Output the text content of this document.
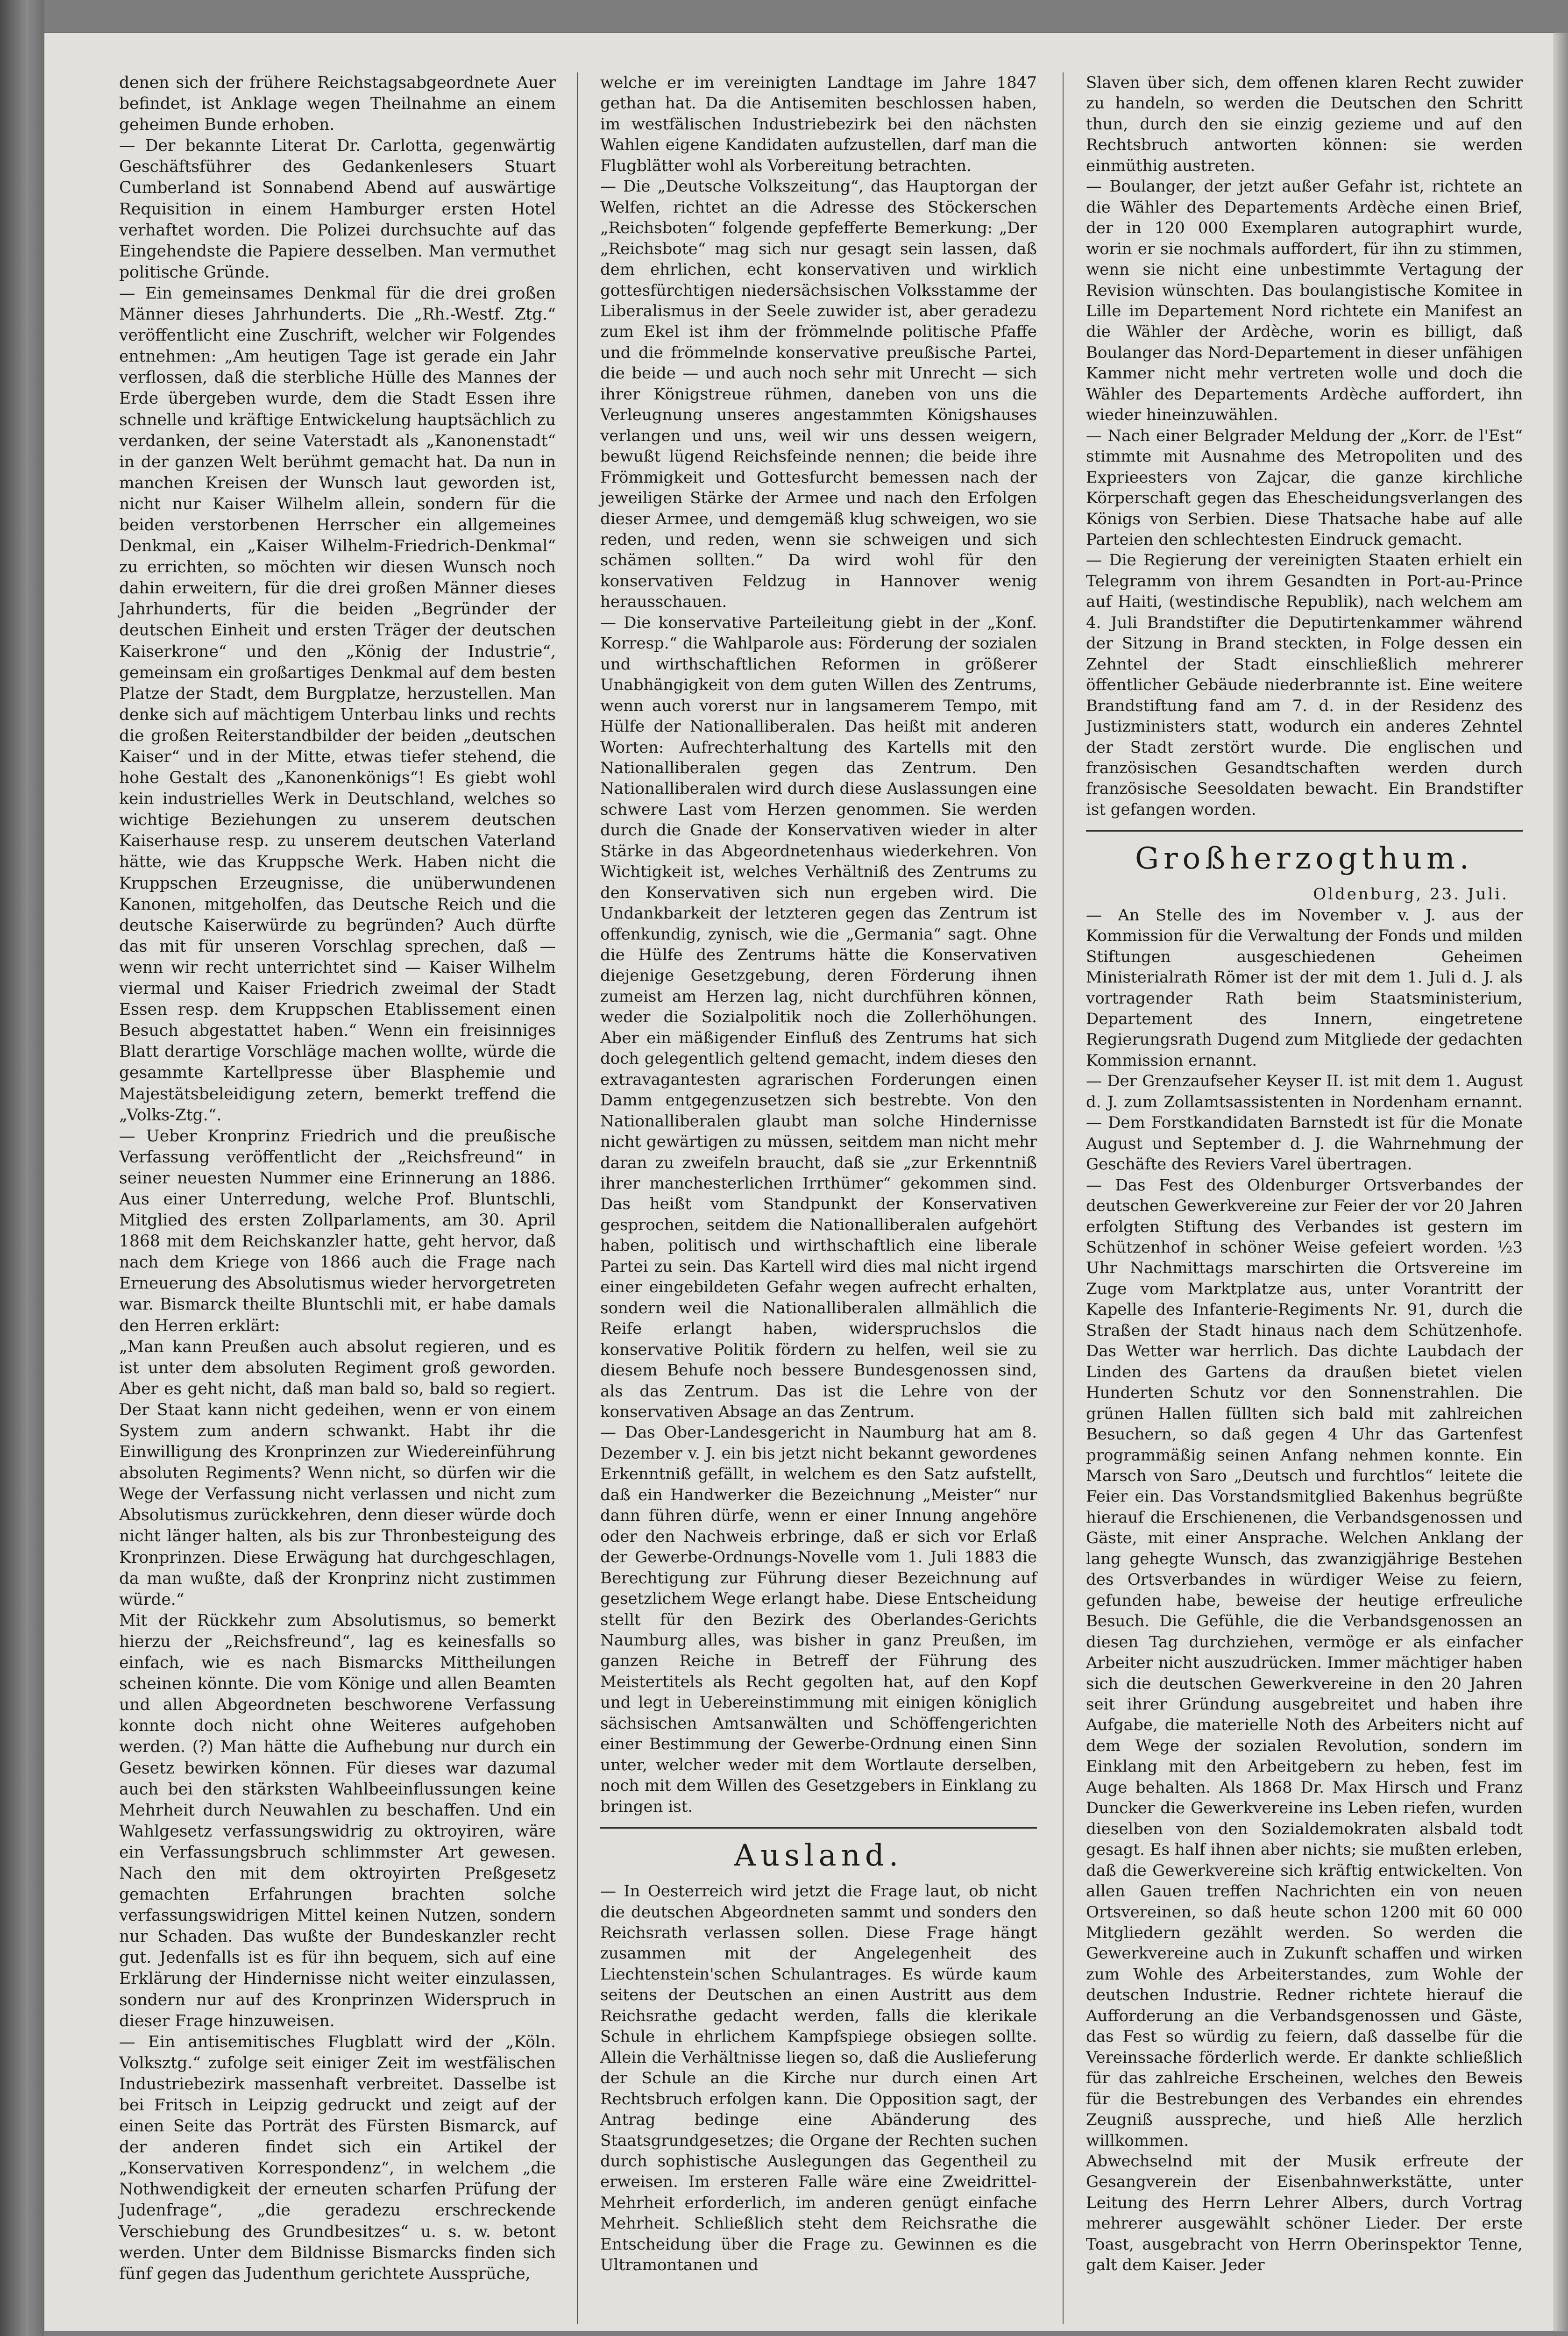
denen sich der frühere Reichstagsabgeordnete Auer befindet, ist Anklage wegen Theilnahme an einem geheimen Bunde erhoben.

— Der bekannte Literat Dr. Carlotta, gegenwärtig Geschäftsführer des Gedankenlesers Stuart Cumberland ist Sonnabend Abend auf auswärtige Requisition in einem Hamburger ersten Hotel verhaftet worden. Die Polizei durchsuchte auf das Eingehendste die Papiere desselben. Man vermuthet politische Gründe.

— Ein gemeinsames Denkmal für die drei großen Männer dieses Jahrhunderts. Die „Rh.-Westf. Ztg.“ veröffentlicht eine Zuschrift, welcher wir Folgendes entnehmen: „Am heutigen Tage ist gerade ein Jahr verflossen, daß die sterbliche Hülle des Mannes der Erde übergeben wurde, dem die Stadt Essen ihre schnelle und kräftige Entwickelung hauptsächlich zu verdanken, der seine Vaterstadt als „Kanonenstadt“ in der ganzen Welt berühmt gemacht hat. Da nun in manchen Kreisen der Wunsch laut geworden ist, nicht nur Kaiser Wilhelm allein, sondern für die beiden verstorbenen Herrscher ein allgemeines Denkmal, ein „Kaiser Wilhelm-Friedrich-Denkmal“ zu errichten, so möchten wir diesen Wunsch noch dahin erweitern, für die drei großen Männer dieses Jahrhunderts, für die beiden „Begründer der deutschen Einheit und ersten Träger der deutschen Kaiserkrone“ und den „König der Industrie“, gemeinsam ein großartiges Denkmal auf dem besten Platze der Stadt, dem Burgplatze, herzustellen. Man denke sich auf mächtigem Unterbau links und rechts die großen Reiterstandbilder der beiden „deutschen Kaiser“ und in der Mitte, etwas tiefer stehend, die hohe Gestalt des „Kanonenkönigs“! Es giebt wohl kein industrielles Werk in Deutschland, welches so wichtige Beziehungen zu unserem deutschen Kaiserhause resp. zu unserem deutschen Vaterland hätte, wie das Kruppsche Werk. Haben nicht die Kruppschen Erzeugnisse, die unüberwundenen Kanonen, mitgeholfen, das Deutsche Reich und die deutsche Kaiserwürde zu begründen? Auch dürfte das mit für unseren Vorschlag sprechen, daß — wenn wir recht unterrichtet sind — Kaiser Wilhelm viermal und Kaiser Friedrich zweimal der Stadt Essen resp. dem Kruppschen Etablissement einen Besuch abgestattet haben.“ Wenn ein freisinniges Blatt derartige Vorschläge machen wollte, würde die gesammte Kartellpresse über Blasphemie und Majestätsbeleidigung zetern, bemerkt treffend die „Volks-Ztg.“.

— Ueber Kronprinz Friedrich und die preußische Verfassung veröffentlicht der „Reichsfreund“ in seiner neuesten Nummer eine Erinnerung an 1886. Aus einer Unterredung, welche Prof. Bluntschli, Mitglied des ersten Zollparlaments, am 30. April 1868 mit dem Reichskanzler hatte, geht hervor, daß nach dem Kriege von 1866 auch die Frage nach Erneuerung des Absolutismus wieder hervorgetreten war. Bismarck theilte Bluntschli mit, er habe damals den Herren erklärt:

„Man kann Preußen auch absolut regieren, und es ist unter dem absoluten Regiment groß geworden. Aber es geht nicht, daß man bald so, bald so regiert. Der Staat kann nicht gedeihen, wenn er von einem System zum andern schwankt. Habt ihr die Einwilligung des Kronprinzen zur Wiedereinführung absoluten Regiments? Wenn nicht, so dürfen wir die Wege der Verfassung nicht verlassen und nicht zum Absolutismus zurückkehren, denn dieser würde doch nicht länger halten, als bis zur Thronbesteigung des Kronprinzen. Diese Erwägung hat durchgeschlagen, da man wußte, daß der Kronprinz nicht zustimmen würde.“

Mit der Rückkehr zum Absolutismus, so bemerkt hierzu der „Reichsfreund“, lag es keinesfalls so einfach, wie es nach Bismarcks Mittheilungen scheinen könnte. Die vom Könige und allen Beamten und allen Abgeordneten beschworene Verfassung konnte doch nicht ohne Weiteres aufgehoben werden. (?) Man hätte die Aufhebung nur durch ein Gesetz bewirken können. Für dieses war dazumal auch bei den stärksten Wahlbeeinflussungen keine Mehrheit durch Neuwahlen zu beschaffen. Und ein Wahlgesetz verfassungswidrig zu oktroyiren, wäre ein Verfassungsbruch schlimmster Art gewesen. Nach den mit dem oktroyirten Preßgesetz gemachten Erfahrungen brachten solche verfassungswidrigen Mittel keinen Nutzen, sondern nur Schaden. Das wußte der Bundeskanzler recht gut. Jedenfalls ist es für ihn bequem, sich auf eine Erklärung der Hindernisse nicht weiter einzulassen, sondern nur auf des Kronprinzen Widerspruch in dieser Frage hinzuweisen.

— Ein antisemitisches Flugblatt wird der „Köln. Volksztg.“ zufolge seit einiger Zeit im westfälischen Industriebezirk massenhaft verbreitet. Dasselbe ist bei Fritsch in Leipzig gedruckt und zeigt auf der einen Seite das Porträt des Fürsten Bismarck, auf der anderen findet sich ein Artikel der „Konservativen Korrespondenz“, in welchem „die Nothwendigkeit der erneuten scharfen Prüfung der Judenfrage“, „die geradezu erschreckende Verschiebung des Grundbesitzes“ u. s. w. betont werden. Unter dem Bildnisse Bismarcks finden sich fünf gegen das Judenthum gerichtete Aussprüche,

welche er im vereinigten Landtage im Jahre 1847 gethan hat. Da die Antisemiten beschlossen haben, im westfälischen Industriebezirk bei den nächsten Wahlen eigene Kandidaten aufzustellen, darf man die Flugblätter wohl als Vorbereitung betrachten.

— Die „Deutsche Volkszeitung“, das Hauptorgan der Welfen, richtet an die Adresse des Stöckerschen „Reichsboten“ folgende gepfefferte Bemerkung: „Der „Reichsbote“ mag sich nur gesagt sein lassen, daß dem ehrlichen, echt konservativen und wirklich gottesfürchtigen niedersächsischen Volksstamme der Liberalismus in der Seele zuwider ist, aber geradezu zum Ekel ist ihm der frömmelnde politische Pfaffe und die frömmelnde konservative preußische Partei, die beide — und auch noch sehr mit Unrecht — sich ihrer Königstreue rühmen, daneben von uns die Verleugnung unseres angestammten Königshauses verlangen und uns, weil wir uns dessen weigern, bewußt lügend Reichsfeinde nennen; die beide ihre Frömmigkeit und Gottesfurcht bemessen nach der jeweiligen Stärke der Armee und nach den Erfolgen dieser Armee, und demgemäß klug schweigen, wo sie reden, und reden, wenn sie schweigen und sich schämen sollten.“ Da wird wohl für den konservativen Feldzug in Hannover wenig herausschauen.

— Die konservative Parteileitung giebt in der „Konf. Korresp.“ die Wahlparole aus: Förderung der sozialen und wirthschaftlichen Reformen in größerer Unabhängigkeit von dem guten Willen des Zentrums, wenn auch vorerst nur in langsamerem Tempo, mit Hülfe der Nationalliberalen. Das heißt mit anderen Worten: Aufrechterhaltung des Kartells mit den Nationalliberalen gegen das Zentrum. Den Nationalliberalen wird durch diese Auslassungen eine schwere Last vom Herzen genommen. Sie werden durch die Gnade der Konservativen wieder in alter Stärke in das Abgeordnetenhaus wiederkehren. Von Wichtigkeit ist, welches Verhältniß des Zentrums zu den Konservativen sich nun ergeben wird. Die Undankbarkeit der letzteren gegen das Zentrum ist offenkundig, zynisch, wie die „Germania“ sagt. Ohne die Hülfe des Zentrums hätte die Konservativen diejenige Gesetzgebung, deren Förderung ihnen zumeist am Herzen lag, nicht durchführen können, weder die Sozialpolitik noch die Zollerhöhungen. Aber ein mäßigender Einfluß des Zentrums hat sich doch gelegentlich geltend gemacht, indem dieses den extravagantesten agrarischen Forderungen einen Damm entgegenzusetzen sich bestrebte. Von den Nationalliberalen glaubt man solche Hindernisse nicht gewärtigen zu müssen, seitdem man nicht mehr daran zu zweifeln braucht, daß sie „zur Erkenntniß ihrer manchesterlichen Irrthümer“ gekommen sind. Das heißt vom Standpunkt der Konservativen gesprochen, seitdem die Nationalliberalen aufgehört haben, politisch und wirthschaftlich eine liberale Partei zu sein. Das Kartell wird dies mal nicht irgend einer eingebildeten Gefahr wegen aufrecht erhalten, sondern weil die Nationalliberalen allmählich die Reife erlangt haben, widerspruchslos die konservative Politik fördern zu helfen, weil sie zu diesem Behufe noch bessere Bundesgenossen sind, als das Zentrum. Das ist die Lehre von der konservativen Absage an das Zentrum.

— Das Ober-Landesgericht in Naumburg hat am 8. Dezember v. J. ein bis jetzt nicht bekannt gewordenes Erkenntniß gefällt, in welchem es den Satz aufstellt, daß ein Handwerker die Bezeichnung „Meister“ nur dann führen dürfe, wenn er einer Innung angehöre oder den Nachweis erbringe, daß er sich vor Erlaß der Gewerbe-Ordnungs-Novelle vom 1. Juli 1883 die Berechtigung zur Führung dieser Bezeichnung auf gesetzlichem Wege erlangt habe. Diese Entscheidung stellt für den Bezirk des Oberlandes-Gerichts Naumburg alles, was bisher in ganz Preußen, im ganzen Reiche in Betreff der Führung des Meistertitels als Recht gegolten hat, auf den Kopf und legt in Uebereinstimmung mit einigen königlich sächsischen Amtsanwälten und Schöffengerichten einer Bestimmung der Gewerbe-Ordnung einen Sinn unter, welcher weder mit dem Wortlaute derselben, noch mit dem Willen des Gesetzgebers in Einklang zu bringen ist.

Ausland.

— In Oesterreich wird jetzt die Frage laut, ob nicht die deutschen Abgeordneten sammt und sonders den Reichsrath verlassen sollen. Diese Frage hängt zusammen mit der Angelegenheit des Liechtenstein'schen Schulantrages. Es würde kaum seitens der Deutschen an einen Austritt aus dem Reichsrathe gedacht werden, falls die klerikale Schule in ehrlichem Kampfspiege obsiegen sollte. Allein die Verhältnisse liegen so, daß die Auslieferung der Schule an die Kirche nur durch einen Art Rechtsbruch erfolgen kann. Die Opposition sagt, der Antrag bedinge eine Abänderung des Staatsgrundgesetzes; die Organe der Rechten suchen durch sophistische Auslegungen das Gegentheil zu erweisen. Im ersteren Falle wäre eine Zweidrittel-Mehrheit erforderlich, im anderen genügt einfache Mehrheit. Schließlich steht dem Reichsrathe die Entscheidung über die Frage zu. Gewinnen es die Ultramontanen und

Slaven über sich, dem offenen klaren Recht zuwider zu handeln, so werden die Deutschen den Schritt thun, durch den sie einzig gezieme und auf den Rechtsbruch antworten können: sie werden einmüthig austreten.

— Boulanger, der jetzt außer Gefahr ist, richtete an die Wähler des Departements Ardèche einen Brief, der in 120 000 Exemplaren autographirt wurde, worin er sie nochmals auffordert, für ihn zu stimmen, wenn sie nicht eine unbestimmte Vertagung der Revision wünschten. Das boulangistische Komitee in Lille im Departement Nord richtete ein Manifest an die Wähler der Ardèche, worin es billigt, daß Boulanger das Nord-Departement in dieser unfähigen Kammer nicht mehr vertreten wolle und doch die Wähler des Departements Ardèche auffordert, ihn wieder hineinzuwählen.

— Nach einer Belgrader Meldung der „Korr. de l'Est“ stimmte mit Ausnahme des Metropoliten und des Exprieesters von Zajcar, die ganze kirchliche Körperschaft gegen das Ehescheidungsverlangen des Königs von Serbien. Diese Thatsache habe auf alle Parteien den schlechtesten Eindruck gemacht.

— Die Regierung der vereinigten Staaten erhielt ein Telegramm von ihrem Gesandten in Port-au-Prince auf Haiti, (westindische Republik), nach welchem am 4. Juli Brandstifter die Deputirtenkammer während der Sitzung in Brand steckten, in Folge dessen ein Zehntel der Stadt einschließlich mehrerer öffentlicher Gebäude niederbrannte ist. Eine weitere Brandstiftung fand am 7. d. in der Residenz des Justizministers statt, wodurch ein anderes Zehntel der Stadt zerstört wurde. Die englischen und französischen Gesandtschaften werden durch französische Seesoldaten bewacht. Ein Brandstifter ist gefangen worden.

Großherzogthum.

Oldenburg, 23. Juli.

— An Stelle des im November v. J. aus der Kommission für die Verwaltung der Fonds und milden Stiftungen ausgeschiedenen Geheimen Ministerialrath Römer ist der mit dem 1. Juli d. J. als vortragender Rath beim Staatsministerium, Departement des Innern, eingetretene Regierungsrath Dugend zum Mitgliede der gedachten Kommission ernannt.

— Der Grenzaufseher Keyser II. ist mit dem 1. August d. J. zum Zollamtsassistenten in Nordenham ernannt. — Dem Forstkandidaten Barnstedt ist für die Monate August und September d. J. die Wahrnehmung der Geschäfte des Reviers Varel übertragen.

— Das Fest des Oldenburger Ortsverbandes der deutschen Gewerkvereine zur Feier der vor 20 Jahren erfolgten Stiftung des Verbandes ist gestern im Schützenhof in schöner Weise gefeiert worden. ½3 Uhr Nachmittags marschirten die Ortsvereine im Zuge vom Marktplatze aus, unter Vorantritt der Kapelle des Infanterie-Regiments Nr. 91, durch die Straßen der Stadt hinaus nach dem Schützenhofe. Das Wetter war herrlich. Das dichte Laubdach der Linden des Gartens da draußen bietet vielen Hunderten Schutz vor den Sonnenstrahlen. Die grünen Hallen füllten sich bald mit zahlreichen Besuchern, so daß gegen 4 Uhr das Gartenfest programmäßig seinen Anfang nehmen konnte. Ein Marsch von Saro „Deutsch und furchtlos“ leitete die Feier ein. Das Vorstandsmitglied Bakenhus begrüßte hierauf die Erschienenen, die Verbandsgenossen und Gäste, mit einer Ansprache. Welchen Anklang der lang gehegte Wunsch, das zwanzigjährige Bestehen des Ortsverbandes in würdiger Weise zu feiern, gefunden habe, beweise der heutige erfreuliche Besuch. Die Gefühle, die die Verbandsgenossen an diesen Tag durchziehen, vermöge er als einfacher Arbeiter nicht auszudrücken. Immer mächtiger haben sich die deutschen Gewerkvereine in den 20 Jahren seit ihrer Gründung ausgebreitet und haben ihre Aufgabe, die materielle Noth des Arbeiters nicht auf dem Wege der sozialen Revolution, sondern im Einklang mit den Arbeitgebern zu heben, fest im Auge behalten. Als 1868 Dr. Max Hirsch und Franz Duncker die Gewerkvereine ins Leben riefen, wurden dieselben von den Sozialdemokraten alsbald todt gesagt. Es half ihnen aber nichts; sie mußten erleben, daß die Gewerkvereine sich kräftig entwickelten. Von allen Gauen treffen Nachrichten ein von neuen Ortsvereinen, so daß heute schon 1200 mit 60 000 Mitgliedern gezählt werden. So werden die Gewerkvereine auch in Zukunft schaffen und wirken zum Wohle des Arbeiterstandes, zum Wohle der deutschen Industrie. Redner richtete hierauf die Aufforderung an die Verbandsgenossen und Gäste, das Fest so würdig zu feiern, daß dasselbe für die Vereinssache förderlich werde. Er dankte schließlich für das zahlreiche Erscheinen, welches den Beweis für die Bestrebungen des Verbandes ein ehrendes Zeugniß ausspreche, und hieß Alle herzlich willkommen.

Abwechselnd mit der Musik erfreute der Gesangverein der Eisenbahnwerkstätte, unter Leitung des Herrn Lehrer Albers, durch Vortrag mehrerer ausgewählt schöner Lieder. Der erste Toast, ausgebracht von Herrn Oberinspektor Tenne, galt dem Kaiser. Jeder
